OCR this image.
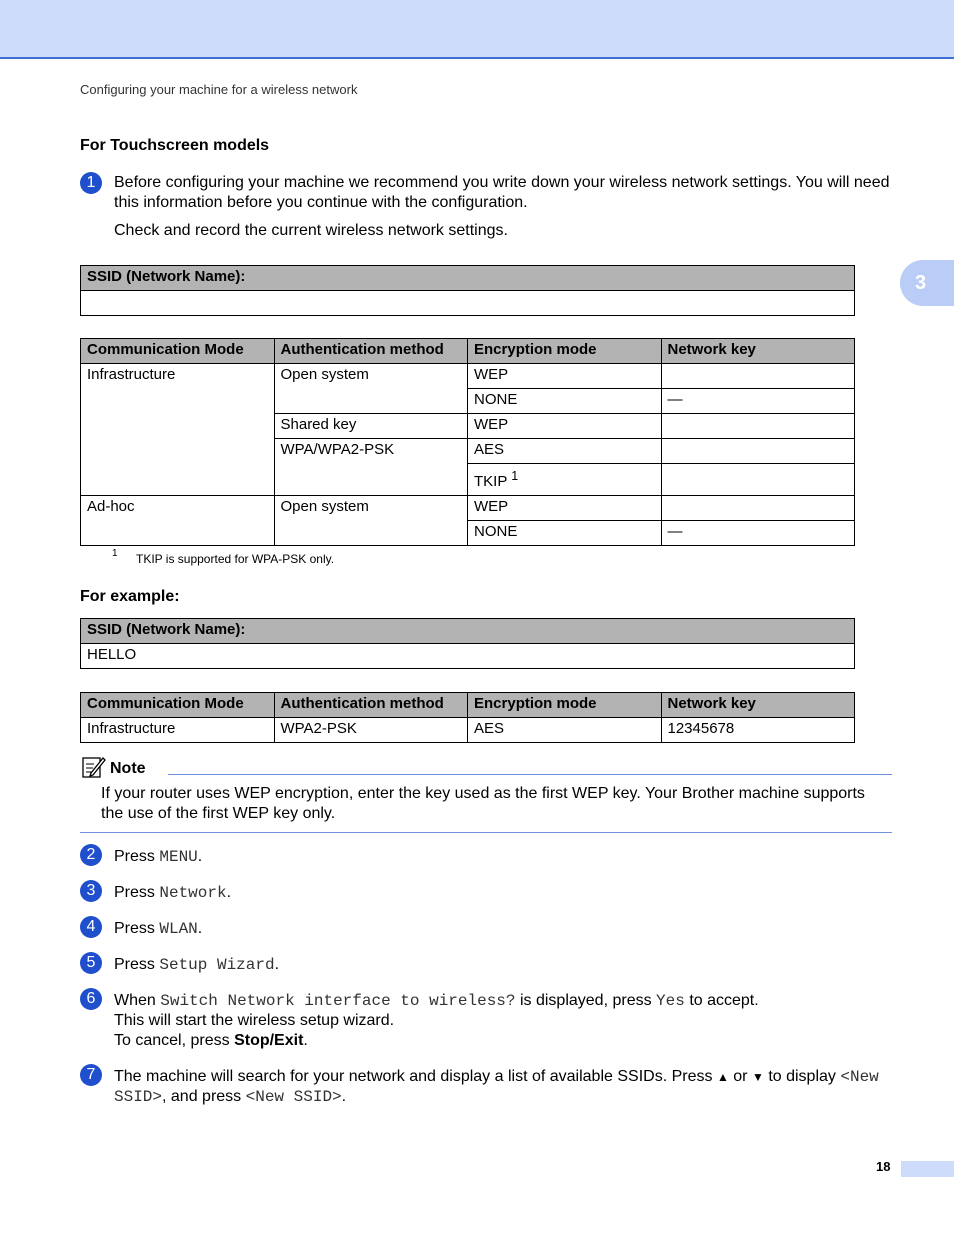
Configuring your machine for a wireless network
3
For Touchscreen models
1	Before configuring your machine we recommend you write down your wireless network settings. You will need this information before you continue with the configuration.
Check and record the current wireless network settings.
SSID (Network Name):

Communication Mode	Authentication method	Encryption mode	Network key
Infrastructure	Open system	WEP	
		NONE	—
	Shared key	WEP	
	WPA/WPA2-PSK	AES	
		TKIP $^1$	
Ad-hoc	Open system	WEP	
		NONE	—
1 TKIP is supported for WPA-PSK only.
For example:
SSID (Network Name):
HELLO
Communication Mode	Authentication method	Encryption mode	Network key
Infrastructure	WPA2-PSK	AES	12345678
Note
If your router uses WEP encryption, enter the key used as the first WEP key. Your Brother machine supports the use of the first WEP key only.
2	Press MENU.
3	Press Network.
4	Press WLAN.
5	Press Setup Wizard.
6	When Switch Network interface to wireless? is displayed, press Yes to accept.
This will start the wireless setup wizard.
To cancel, press Stop/Exit.
7	The machine will search for your network and display a list of available SSIDs. Press ▲ or ▼ to display <New SSID>, and press <New SSID>.
18
